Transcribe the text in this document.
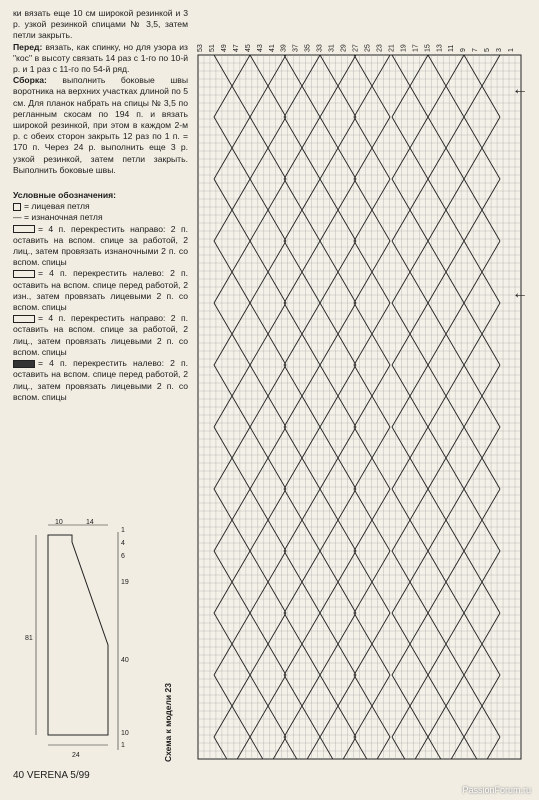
ки вязать еще 10 см широкой резинкой и 3 р. узкой резинкой спицами № 3,5, затем петли закрыть.

Перед: вязать, как спинку, но для узора из "кос" в высоту связать 14 раз с 1-го по 10-й р. и 1 раз с 11-го по 54-й ряд.

Сборка: выполнить боковые швы воротника на верхних участках длиной по 5 см. Для планок набрать на спицы № 3,5 по регланным скосам по 194 п. и вязать широкой резинкой, при этом в каждом 2-м р. с обеих сторон закрыть 12 раз по 1 п. = 170 п. Через 24 р. выполнить еще 3 р. узкой резинкой, затем петли закрыть. Выполнить боковые швы.

Условные обозначения:

= лицевая петля

— = изнаночная петля

= 4 п. перекрестить направо: 2 п. оставить на вспом. спице за работой, 2 лиц., затем провязать изнаночными 2 п. со вспом. спицы

= 4 п. перекрестить налево: 2 п. оставить на вспом. спице перед работой, 2 изн., затем провязать лицевыми 2 п. со вспом. спицы

= 4 п. перекрестить направо: 2 п. оставить на вспом. спице за работой, 2 лиц., затем провязать лицевыми 2 п. со вспом. спицы

= 4 п. перекрестить налево: 2 п. оставить на вспом. спице перед работой, 2 лиц., затем провязать лицевыми 2 п. со вспом. спицы

10	14
1
4
6
19
81
40
10
1
24
53 51 49 47 45 43 41 39 37 35 33 31 29 27 25 23 21 19 17 15 13 11 9 7 5 3 1
←
←
Схема к модели 23
40 VERENA 5/99
PassionForum.ru
